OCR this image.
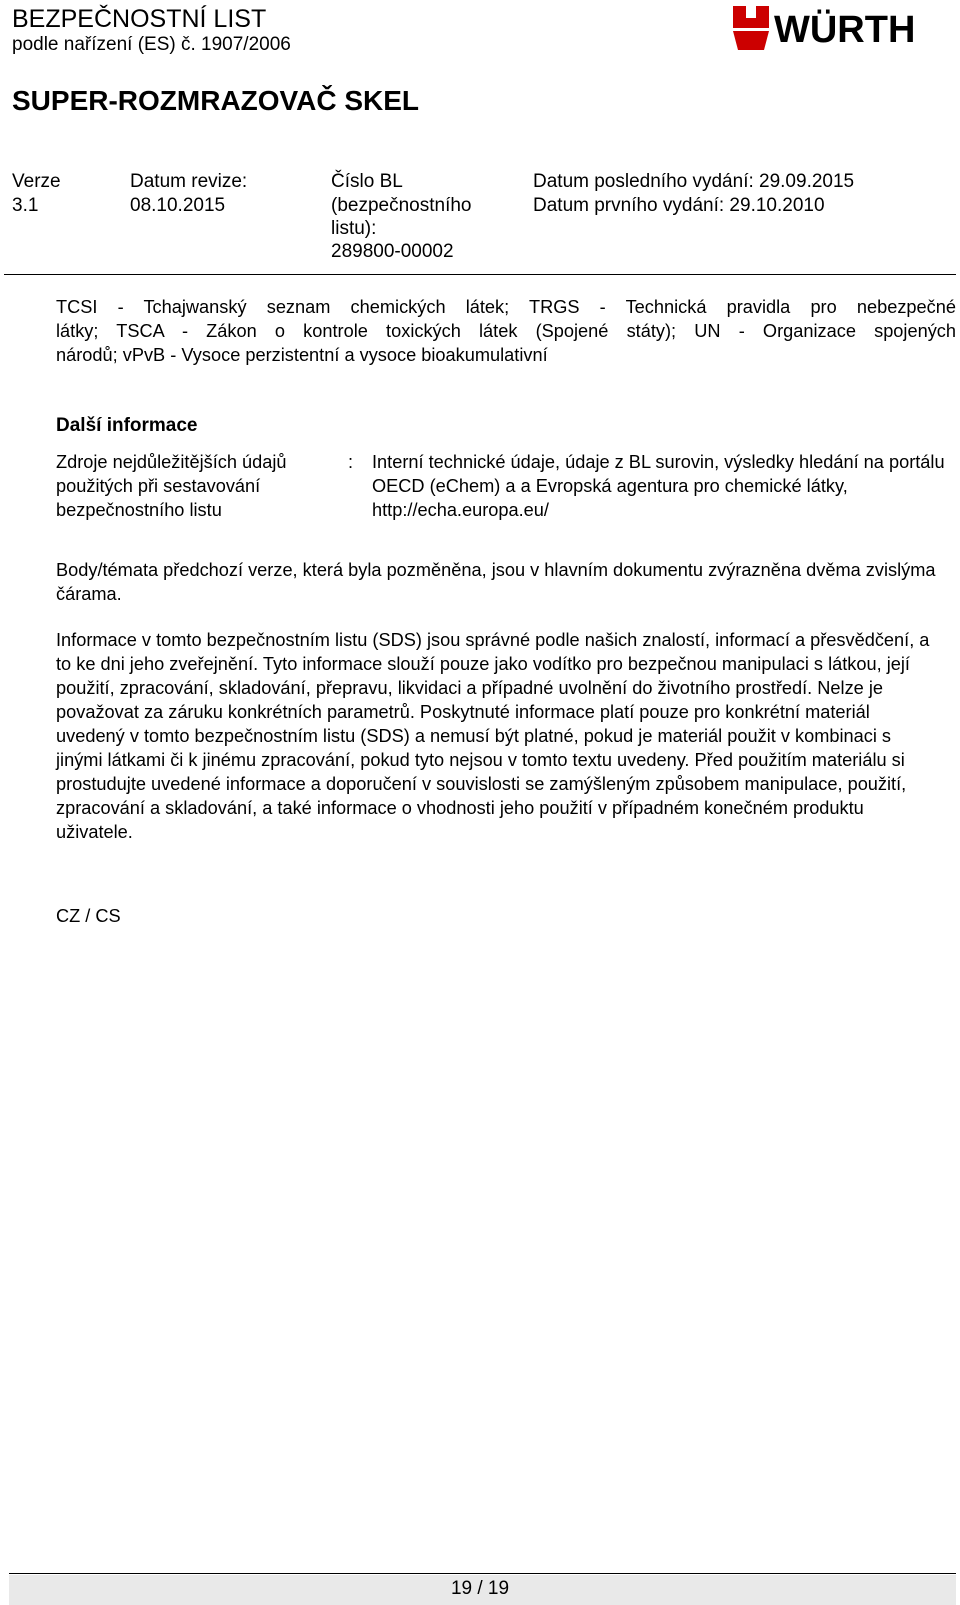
BEZPEČNOSTNÍ LIST
podle nařízení (ES) č. 1907/2006
SUPER-ROZMRAZOVAČ SKEL
WÜRTH
Verze
3.1
Datum revize:
08.10.2015
Číslo BL
(bezpečnostního
listu):
289800-00002
Datum posledního vydání: 29.09.2015
Datum prvního vydání: 29.10.2010
TCSI - Tchajwanský seznam chemických látek; TRGS - Technická pravidla pro nebezpečné
látky; TSCA - Zákon o kontrole toxických látek (Spojené státy); UN - Organizace spojených
národů; vPvB - Vysoce perzistentní a vysoce bioakumulativní
Další informace
Zdroje nejdůležitějších údajů použitých při sestavování bezpečnostního listu
: Interní technické údaje, údaje z BL surovin, výsledky hledání na portálu OECD (eChem) a a Evropská agentura pro chemické látky, http://echa.europa.eu/
Body/témata předchozí verze, která byla pozměněna, jsou v hlavním dokumentu zvýrazněna dvěma zvislýma čárama.
Informace v tomto bezpečnostním listu (SDS) jsou správné podle našich znalostí, informací a přesvědčení, a to ke dni jeho zveřejnění. Tyto informace slouží pouze jako vodítko pro bezpečnou manipulaci s látkou, její použití, zpracování, skladování, přepravu, likvidaci a případné uvolnění do životního prostředí. Nelze je považovat za záruku konkrétních parametrů. Poskytnuté informace platí pouze pro konkrétní materiál uvedený v tomto bezpečnostním listu (SDS) a nemusí být platné, pokud je materiál použit v kombinaci s jinými látkami či k jinému zpracování, pokud tyto nejsou v tomto textu uvedeny. Před použitím materiálu si prostudujte uvedené informace a doporučení v souvislosti se zamýšleným způsobem manipulace, použití, zpracování a skladování, a také informace o vhodnosti jeho použití v případném konečném produktu uživatele.
CZ / CS
19 / 19
